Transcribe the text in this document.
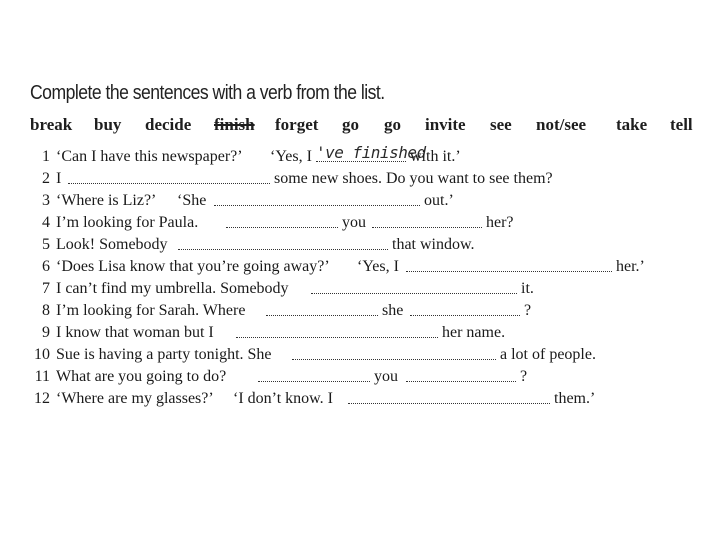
Complete the sentences with a verb from the list.
break buy decide finish forget go go invite see not/see take tell
've finished
1 ‘Can I have this newspaper?’ ‘Yes, I	with it.’
2 I	some new shoes. Do you want to see them?
3 ‘Where is Liz?’ ‘She	out.’
4 I’m looking for Paula.	you	her?
5 Look! Somebody	that window.
6 ‘Does Lisa know that you’re going away?’ ‘Yes, I	her.’
7 I can’t find my umbrella. Somebody	it.
8 I’m looking for Sarah. Where	she	?
9 I know that woman but I	her name.
10 Sue is having a party tonight. She	a lot of people.
11 What are you going to do?	you	?
12 ‘Where are my glasses?’ ‘I don’t know. I	them.’
